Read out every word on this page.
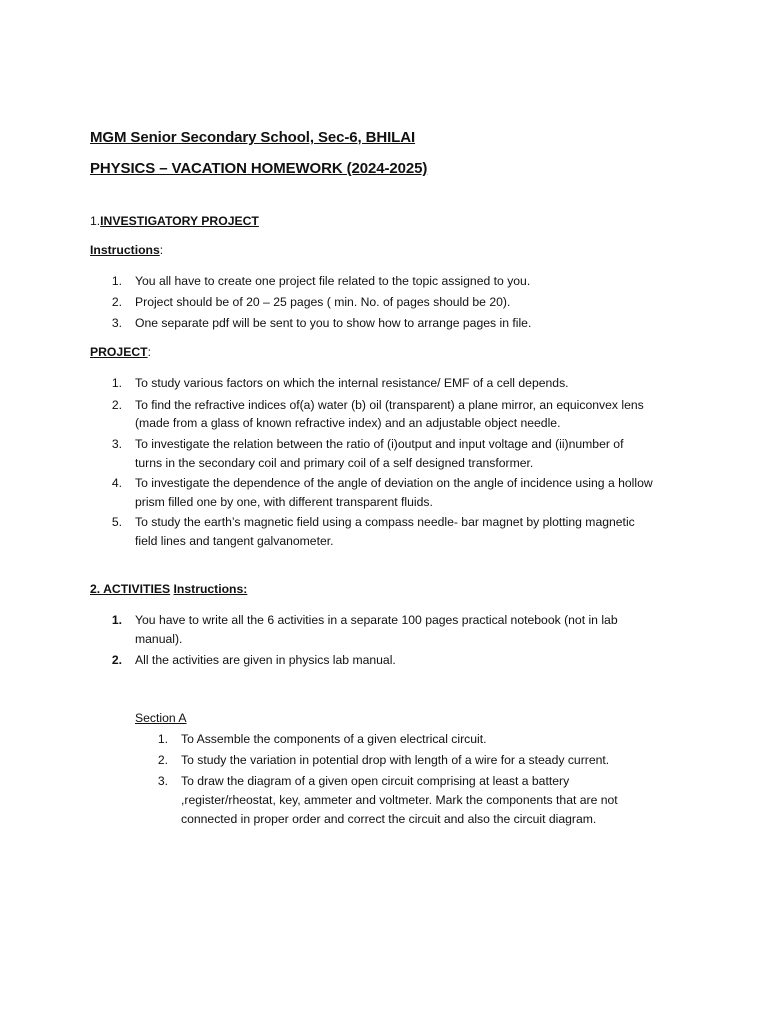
MGM Senior Secondary School, Sec-6, BHILAI
PHYSICS – VACATION HOMEWORK (2024-2025)
1.INVESTIGATORY PROJECT
Instructions:
1. You all have to create one project file related to the topic assigned to you.
2. Project should be of 20 – 25 pages ( min. No. of pages should be 20).
3. One separate pdf will be sent to you to show how to arrange pages in file.
PROJECT:
1. To study various factors on which the internal resistance/ EMF of a cell depends.
2. To find the refractive indices of(a) water (b) oil (transparent) a plane mirror, an equiconvex lens
(made from a glass of known refractive index) and an adjustable object needle.
3. To investigate the relation between the ratio of (i)output and input voltage and (ii)number of
turns in the secondary coil and primary coil of a self designed transformer.
4. To investigate the dependence of the angle of deviation on the angle of incidence using a hollow
prism filled one by one, with different transparent fluids.
5. To study the earth’s magnetic field using a compass needle- bar magnet by plotting magnetic
field lines and tangent galvanometer.
2. ACTIVITIES Instructions:
1. You have to write all the 6 activities in a separate 100 pages practical notebook (not in lab
manual).
2. All the activities are given in physics lab manual.
Section A
1. To Assemble the components of a given electrical circuit.
2. To study the variation in potential drop with length of a wire for a steady current.
3. To draw the diagram of a given open circuit comprising at least a battery
,register/rheostat, key, ammeter and voltmeter. Mark the components that are not
connected in proper order and correct the circuit and also the circuit diagram.
